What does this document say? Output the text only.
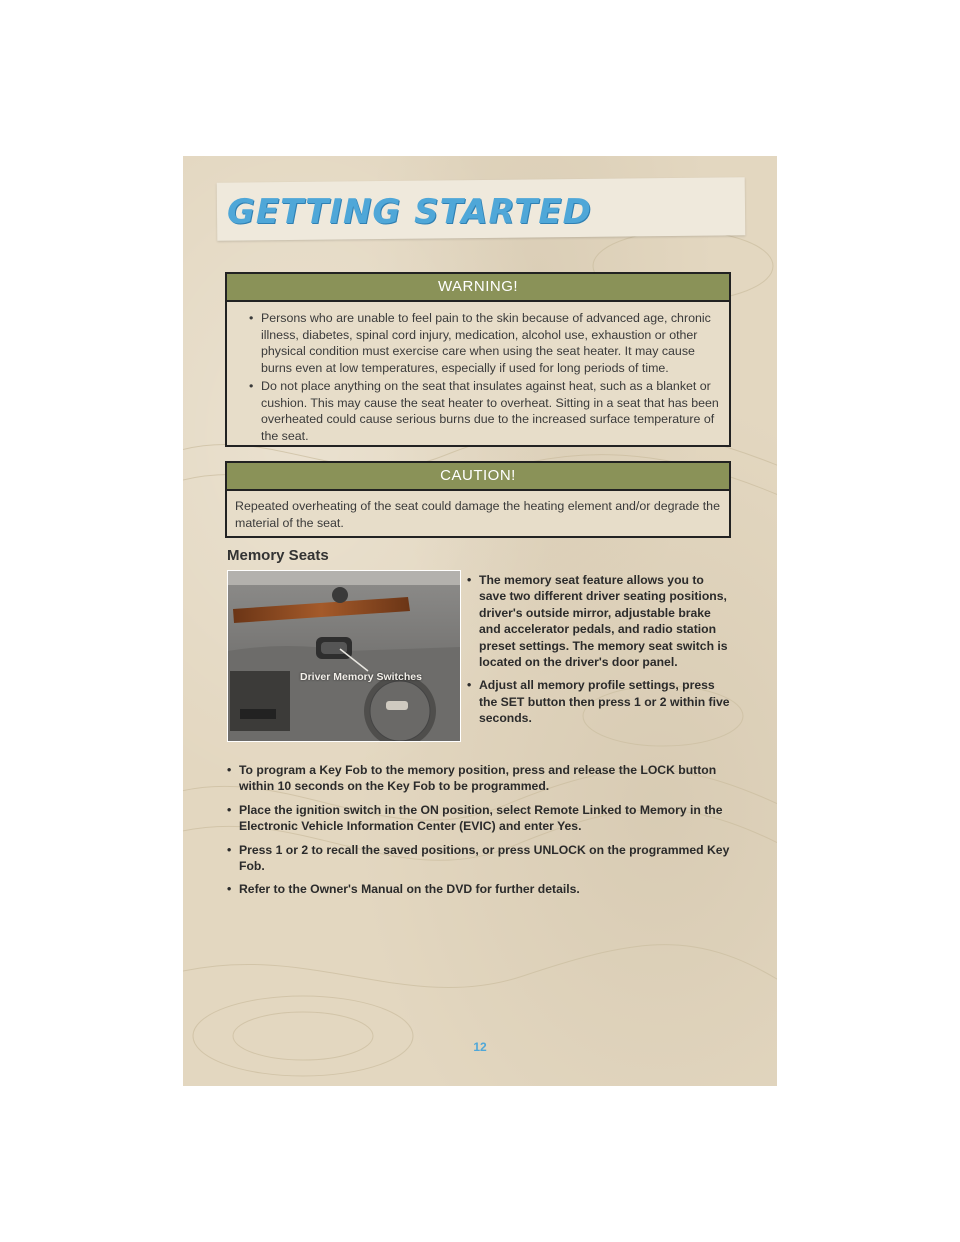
GETTING STARTED
WARNING!
• Persons who are unable to feel pain to the skin because of advanced age, chronic illness, diabetes, spinal cord injury, medication, alcohol use, exhaustion or other physical condition must exercise care when using the seat heater. It may cause burns even at low temperatures, especially if used for long periods of time.
• Do not place anything on the seat that insulates against heat, such as a blanket or cushion. This may cause the seat heater to overheat. Sitting in a seat that has been overheated could cause serious burns due to the increased surface temperature of the seat.
CAUTION!

Repeated overheating of the seat could damage the heating element and/or degrade the material of the seat.

Memory Seats
Driver Memory Switches
• The memory seat feature allows you to save two different driver seating positions, driver's outside mirror, adjustable brake and accelerator pedals, and radio station preset settings. The memory seat switch is located on the driver's door panel.
• Adjust all memory profile settings, press the SET button then press 1 or 2 within five seconds.
• To program a Key Fob to the memory position, press and release the LOCK button within 10 seconds on the Key Fob to be programmed.
• Place the ignition switch in the ON position, select Remote Linked to Memory in the Electronic Vehicle Information Center (EVIC) and enter Yes.
• Press 1 or 2 to recall the saved positions, or press UNLOCK on the programmed Key Fob.
• Refer to the Owner's Manual on the DVD for further details.
12
